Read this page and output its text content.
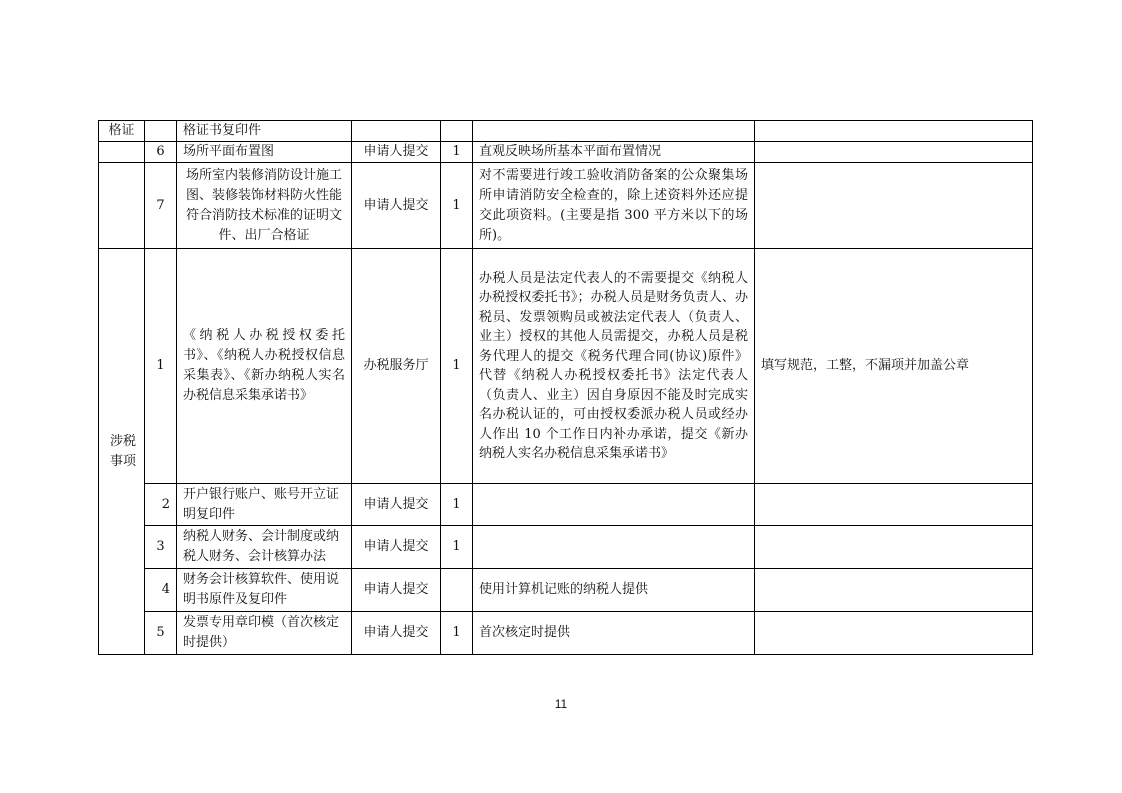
格证		格证书复印件				
	6	场所平面布置图	申请人提交	1	直观反映场所基本平面布置情况	
	7	场所室内装修消防设计施工图、装修装饰材料防火性能符合消防技术标准的证明文件、出厂合格证	申请人提交	1	对不需要进行竣工验收消防备案的公众聚集场所申请消防安全检查的，除上述资料外还应提交此项资料。(主要是指 300 平方米以下的场所)。	
涉税事项	1	《纳税人办税授权委托书》、《纳税人办税授权信息采集表》、《新办纳税人实名办税信息采集承诺书》	办税服务厅	1	办税人员是法定代表人的不需要提交《纳税人办税授权委托书》；办税人员是财务负责人、办税员、发票领购员或被法定代表人（负责人、业主）授权的其他人员需提交，办税人员是税务代理人的提交《税务代理合同(协议)原件》代替《纳税人办税授权委托书》法定代表人（负责人、业主）因自身原因不能及时完成实名办税认证的，可由授权委派办税人员或经办人作出 10 个工作日内补办承诺，提交《新办纳税人实名办税信息采集承诺书》	填写规范，工整，不漏项并加盖公章
	2	开户银行账户、账号开立证明复印件	申请人提交	1		
	3	纳税人财务、会计制度或纳税人财务、会计核算办法	申请人提交	1		
	4	财务会计核算软件、使用说明书原件及复印件	申请人提交		使用计算机记账的纳税人提供	
	5	发票专用章印模（首次核定时提供）	申请人提交	1	首次核定时提供	
11
